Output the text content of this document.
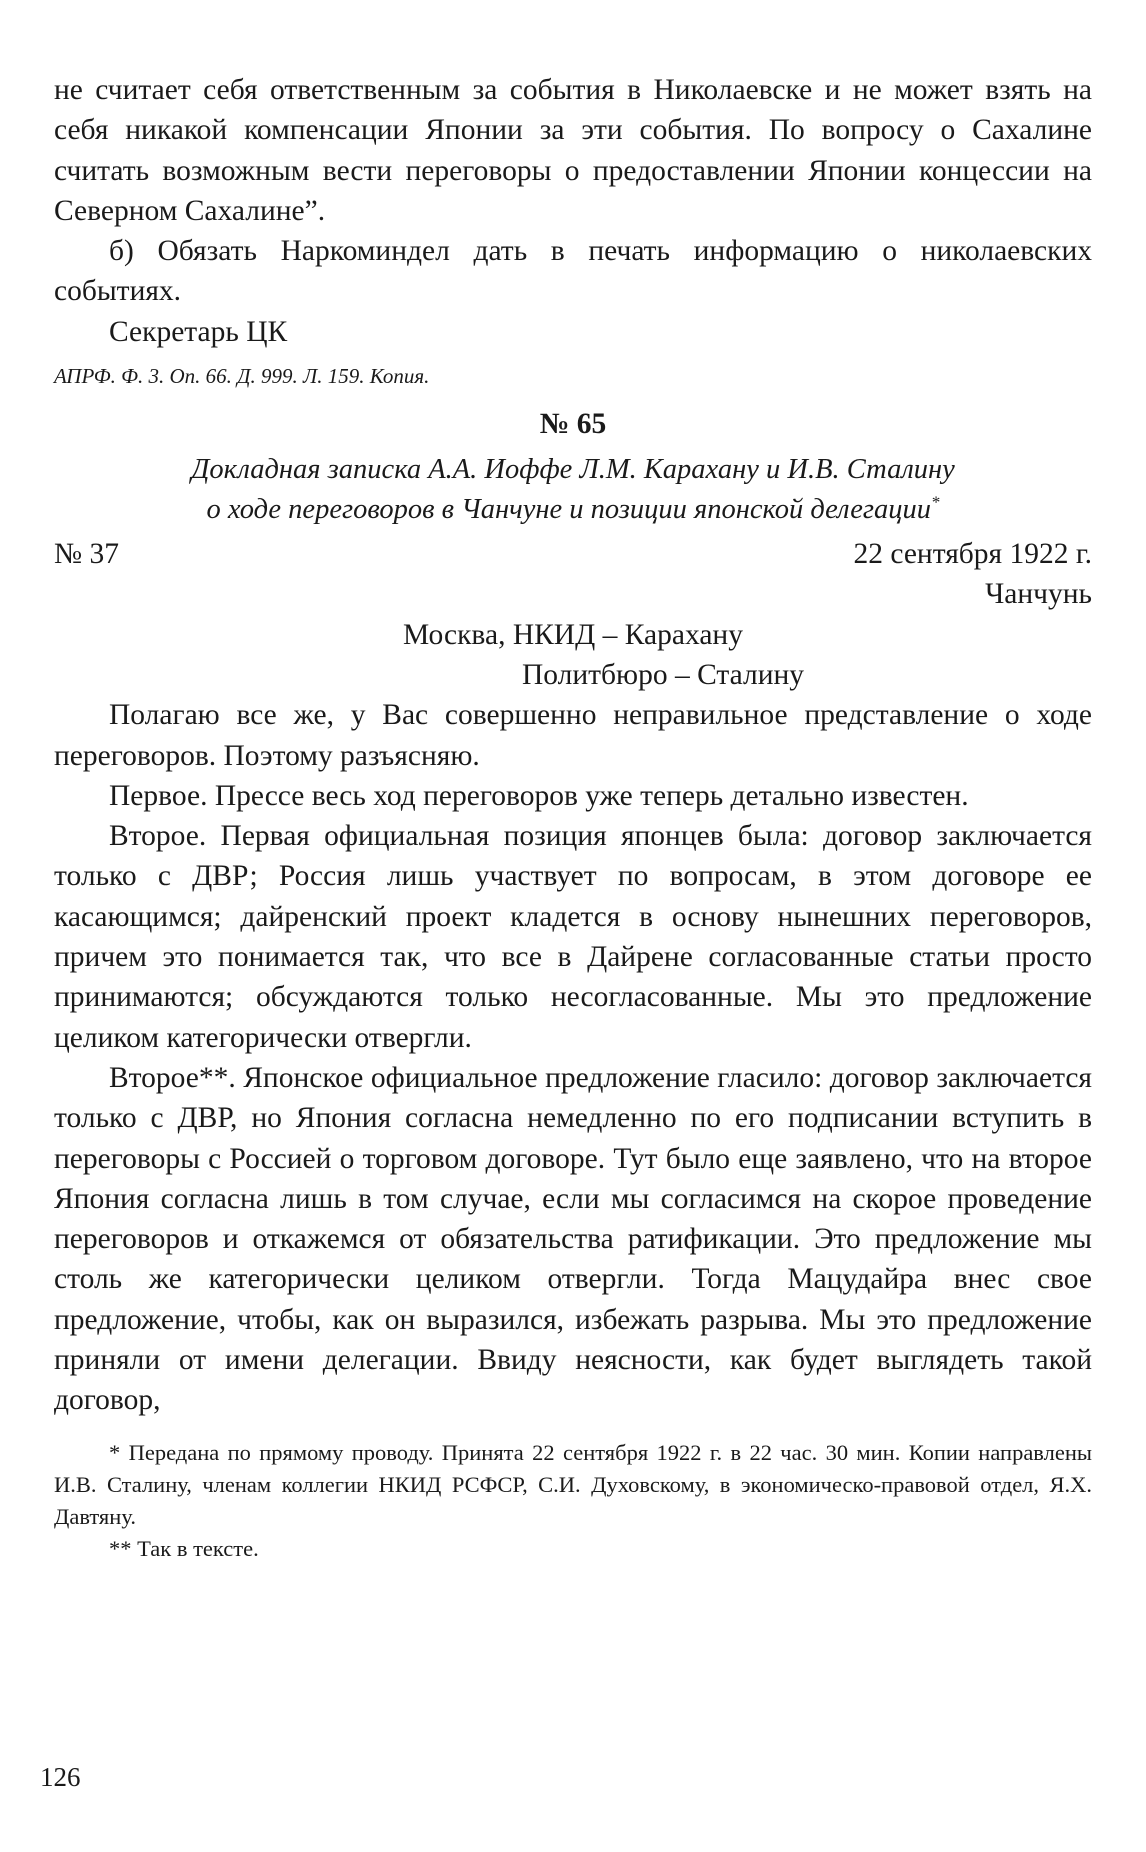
не считает себя ответственным за события в Николаевске и не может взять на себя никакой компенсации Японии за эти события. По вопросу о Сахалине считать возможным вести переговоры о предоставлении Японии концессии на Северном Сахалине”.

б) Обязать Наркоминдел дать в печать информацию о николаевских событиях.

Секретарь ЦК

АПРФ. Ф. 3. Оп. 66. Д. 999. Л. 159. Копия.

№ 65

Докладная записка А.А. Иоффе Л.М. Карахану и И.В. Сталину

о ходе переговоров в Чанчуне и позиции японской делегации*

№ 37	22 сентября 1922 г.

Чанчунь

Москва, НКИД – Карахану

Политбюро – Сталину

Полагаю все же, у Вас совершенно неправильное представление о ходе переговоров. Поэтому разъясняю.

Первое. Прессе весь ход переговоров уже теперь детально известен.

Второе. Первая официальная позиция японцев была: договор заключается только с ДВР; Россия лишь участвует по вопросам, в этом договоре ее касающимся; дайренский проект кладется в основу нынешних переговоров, причем это понимается так, что все в Дайрене согласованные статьи просто принимаются; обсуждаются только несогласованные. Мы это предложение целиком категорически отвергли.

Второе**. Японское официальное предложение гласило: договор заключается только с ДВР, но Япония согласна немедленно по его подписании вступить в переговоры с Россией о торговом договоре. Тут было еще заявлено, что на второе Япония согласна лишь в том случае, если мы согласимся на скорое проведение переговоров и откажемся от обязательства ратификации. Это предложение мы столь же категорически целиком отвергли. Тогда Мацудайра внес свое предложение, чтобы, как он выразился, избежать разрыва. Мы это предложение приняли от имени делегации. Ввиду неясности, как будет выглядеть такой договор,

* Передана по прямому проводу. Принята 22 сентября 1922 г. в 22 час. 30 мин. Копии направлены И.В. Сталину, членам коллегии НКИД РСФСР, С.И. Духовскому, в экономическо-правовой отдел, Я.Х. Давтяну.

** Так в тексте.

126
